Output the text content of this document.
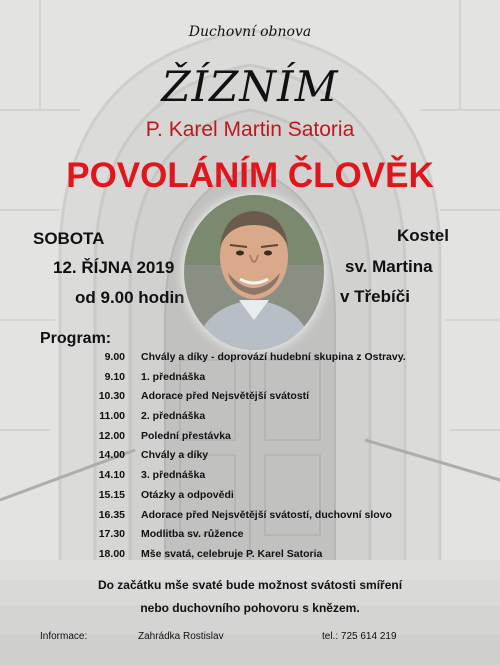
Duchovní obnova
ŽÍZNÍM
P. Karel Martin Satoria
POVOLÁNÍM ČLOVĚK
SOBOTA
12. ŘÍJNA 2019
od 9.00 hodin
Kostel
sv. Martina
v Třebíči
Program:
9.00 Chvály a díky - doprovází hudební skupina z Ostravy.
9.10 1. přednáška
10.30 Adorace před Nejsvětější svátostí
11.00 2. přednáška
12.00 Polední přestávka
14.00 Chvály a díky
14.10 3. přednáška
15.15 Otázky a odpovědi
16.35 Adorace před Nejsvětější svátostí, duchovní slovo
17.30 Modlitba sv. růžence
18.00 Mše svatá, celebruje P. Karel Satoria
Do začátku mše svaté bude možnost svátosti smíření
nebo duchovního pohovoru s knězem.
Informace:	Zahrádka Rostislav	tel.: 725 614 219
